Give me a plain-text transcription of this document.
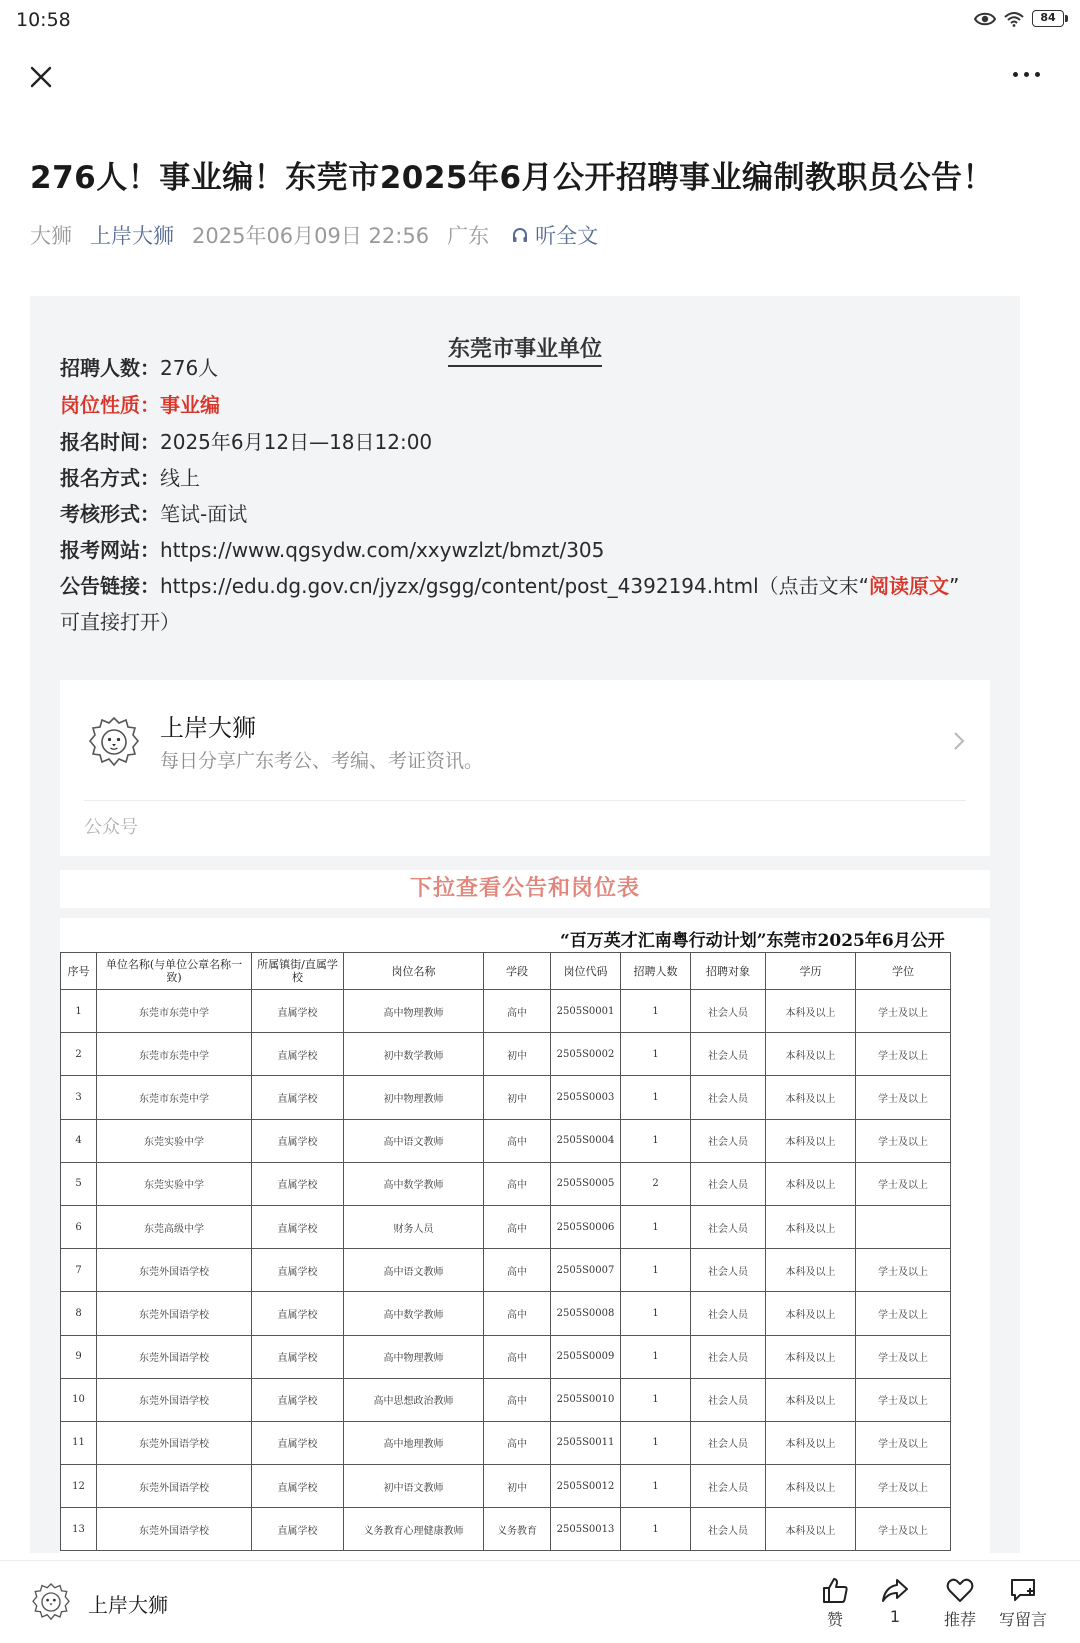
10:58	84
276人！事业编！东莞市2025年6月公开招聘事业编制教职员公告！
大狮 上岸大狮 2025年06月09日 22:56 广东 听全文
东莞市事业单位
招聘人数：276人
岗位性质：事业编
报名时间：2025年6月12日—18日12:00
报名方式：线上
考核形式：笔试-面试
报考网站：https://www.qgsydw.com/xxywzlzt/bmzt/305
公告链接：https://edu.dg.gov.cn/jyzx/gsgg/content/post_4392194.html（点击文末“阅读原文”
可直接打开）
上岸大狮
每日分享广东考公、考编、考证资讯。
公众号
下拉查看公告和岗位表
“百万英才汇南粤行动计划”东莞市2025年6月公开
序号	单位名称(与单位公章名称一致)	所属镇街/直属学校	岗位名称	学段	岗位代码	招聘人数	招聘对象	学历	学位
1	东莞市东莞中学	直属学校	高中物理教师	高中	2505S0001	1	社会人员	本科及以上	学士及以上
2	东莞市东莞中学	直属学校	初中数学教师	初中	2505S0002	1	社会人员	本科及以上	学士及以上
3	东莞市东莞中学	直属学校	初中物理教师	初中	2505S0003	1	社会人员	本科及以上	学士及以上
4	东莞实验中学	直属学校	高中语文教师	高中	2505S0004	1	社会人员	本科及以上	学士及以上
5	东莞实验中学	直属学校	高中数学教师	高中	2505S0005	2	社会人员	本科及以上	学士及以上
6	东莞高级中学	直属学校	财务人员	高中	2505S0006	1	社会人员	本科及以上	
7	东莞外国语学校	直属学校	高中语文教师	高中	2505S0007	1	社会人员	本科及以上	学士及以上
8	东莞外国语学校	直属学校	高中数学教师	高中	2505S0008	1	社会人员	本科及以上	学士及以上
9	东莞外国语学校	直属学校	高中物理教师	高中	2505S0009	1	社会人员	本科及以上	学士及以上
10	东莞外国语学校	直属学校	高中思想政治教师	高中	2505S0010	1	社会人员	本科及以上	学士及以上
11	东莞外国语学校	直属学校	高中地理教师	高中	2505S0011	1	社会人员	本科及以上	学士及以上
12	东莞外国语学校	直属学校	初中语文教师	初中	2505S0012	1	社会人员	本科及以上	学士及以上
13	东莞外国语学校	直属学校	义务教育心理健康教师	义务教育	2505S0013	1	社会人员	本科及以上	学士及以上
上岸大狮
赞	1	推荐	写留言
